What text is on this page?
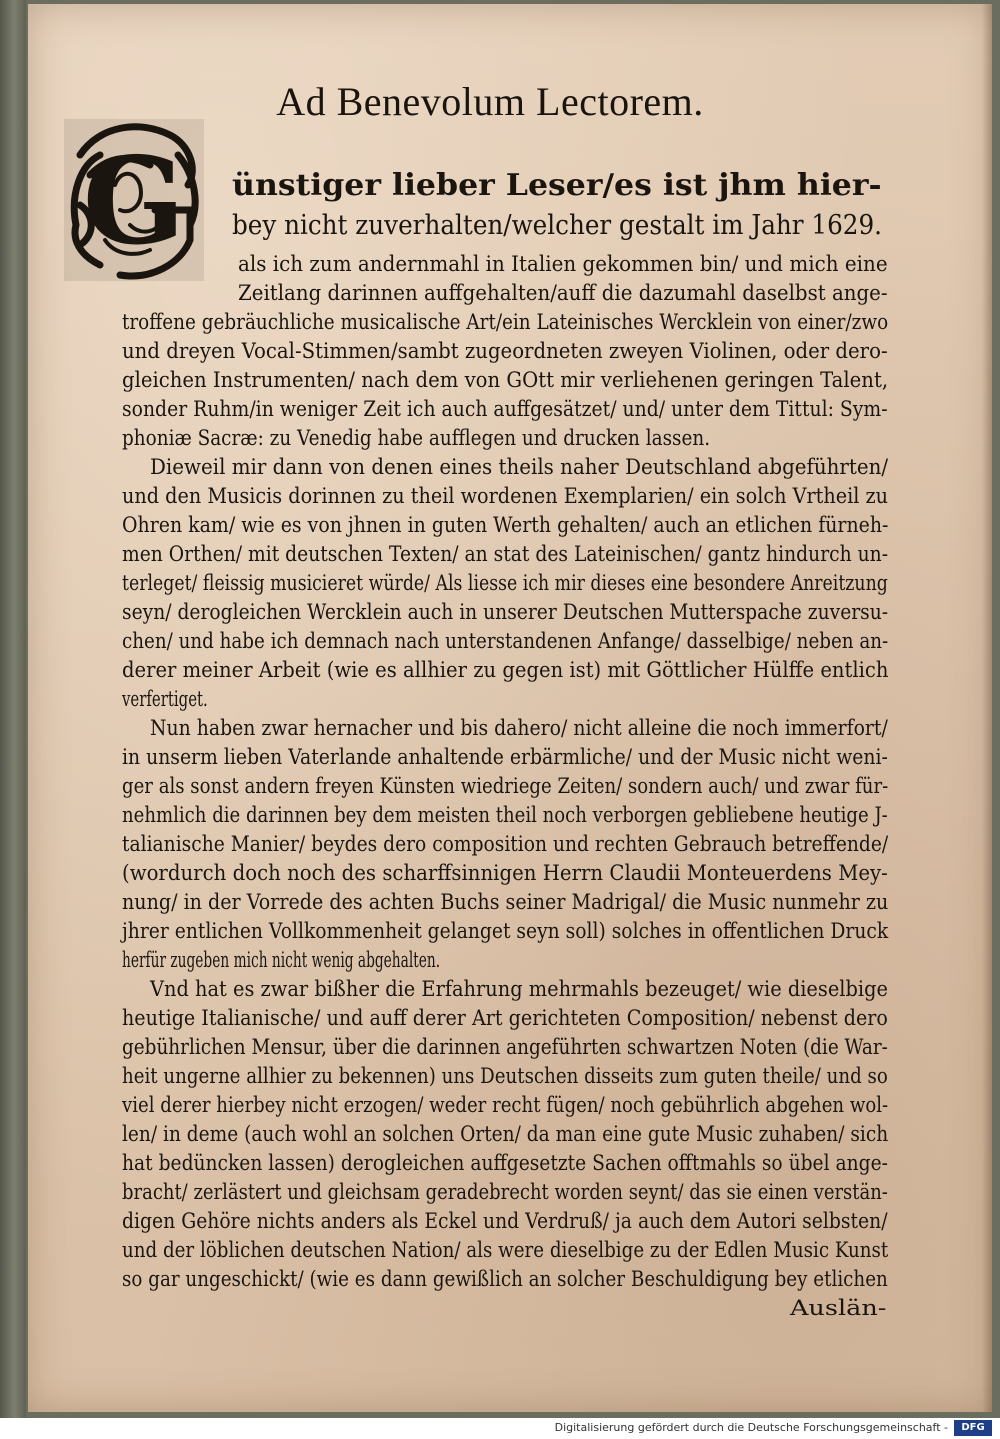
Ad Benevolum Lectorem.
G ünstiger lieber Leser/es ist jhm hier-
bey nicht zuverhalten/welcher gestalt im Jahr 1629.
als ich zum andernmahl in Italien gekommen bin/ und mich eine
Zeitlang darinnen auffgehalten/auff die dazumahl daselbst ange-
troffene gebräuchliche musicalische Art/ein Lateinisches Wercklein von einer/zwo
und dreyen Vocal-Stimmen/sambt zugeordneten zweyen Violinen, oder dero-
gleichen Instrumenten/ nach dem von GOtt mir verliehenen geringen Talent,
sonder Ruhm/in weniger Zeit ich auch auffgesätzet/ und/ unter dem Tittul: Sym-
phoniæ Sacræ: zu Venedig habe aufflegen und drucken lassen.
Dieweil mir dann von denen eines theils naher Deutschland abgeführten/
und den Musicis dorinnen zu theil wordenen Exemplarien/ ein solch Vrtheil zu
Ohren kam/ wie es von jhnen in guten Werth gehalten/ auch an etlichen fürneh-
men Orthen/ mit deutschen Texten/ an stat des Lateinischen/ gantz hindurch un-
terleget/ fleissig musicieret würde/ Als liesse ich mir dieses eine besondere Anreitzung
seyn/ derogleichen Wercklein auch in unserer Deutschen Mutterspache zuversu-
chen/ und habe ich demnach nach unterstandenen Anfange/ dasselbige/ neben an-
derer meiner Arbeit (wie es allhier zu gegen ist) mit Göttlicher Hülffe entlich
verfertiget.
Nun haben zwar hernacher und bis dahero/ nicht alleine die noch immerfort/
in unserm lieben Vaterlande anhaltende erbärmliche/ und der Music nicht weni-
ger als sonst andern freyen Künsten wiedriege Zeiten/ sondern auch/ und zwar für-
nehmlich die darinnen bey dem meisten theil noch verborgen gebliebene heutige J-
talianische Manier/ beydes dero composition und rechten Gebrauch betreffende/
(wordurch doch noch des scharffsinnigen Herrn Claudii Monteuerdens Mey-
nung/ in der Vorrede des achten Buchs seiner Madrigal/ die Music nunmehr zu
jhrer entlichen Vollkommenheit gelanget seyn soll) solches in offentlichen Druck
herfür zugeben mich nicht wenig abgehalten.
Vnd hat es zwar bißher die Erfahrung mehrmahls bezeuget/ wie dieselbige
heutige Italianische/ und auff derer Art gerichteten Composition/ nebenst dero
gebührlichen Mensur, über die darinnen angeführten schwartzen Noten (die War-
heit ungerne allhier zu bekennen) uns Deutschen disseits zum guten theile/ und so
viel derer hierbey nicht erzogen/ weder recht fügen/ noch gebührlich abgehen wol-
len/ in deme (auch wohl an solchen Orten/ da man eine gute Music zuhaben/ sich
hat bedüncken lassen) derogleichen auffgesetzte Sachen offtmahls so übel ange-
bracht/ zerlästert und gleichsam geradebrecht worden seynt/ das sie einen verstän-
digen Gehöre nichts anders als Eckel und Verdruß/ ja auch dem Autori selbsten/
und der löblichen deutschen Nation/ als were dieselbige zu der Edlen Music Kunst
so gar ungeschickt/ (wie es dann gewißlich an solcher Beschuldigung bey etlichen
Auslän-
Digitalisierung gefördert durch die Deutsche Forschungsgemeinschaft -	DFG
